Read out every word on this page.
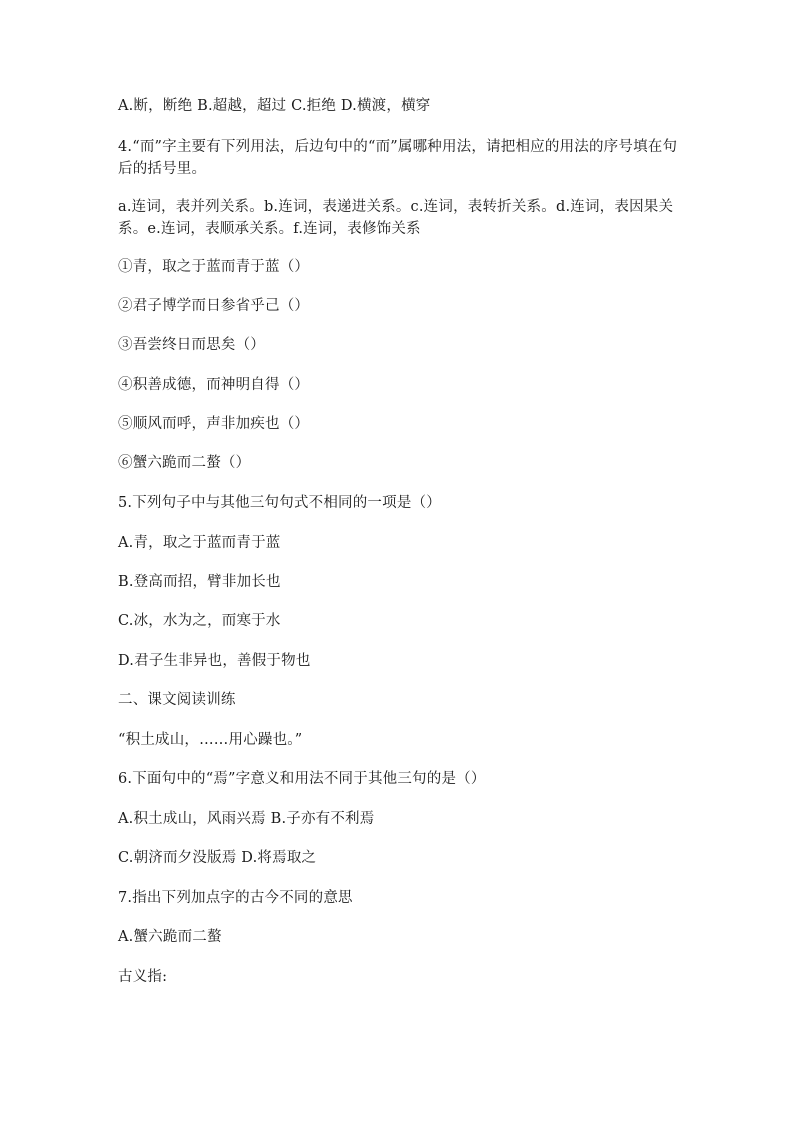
A.断，断绝 B.超越，超过 C.拒绝 D.横渡，横穿
4.“而”字主要有下列用法，后边句中的“而”属哪种用法，请把相应的用法的序号填在句后的括号里。
a.连词，表并列关系。b.连词，表递进关系。c.连词，表转折关系。d.连词，表因果关系。e.连词，表顺承关系。f.连词，表修饰关系
①青，取之于蓝而青于蓝（）
②君子博学而日参省乎己（）
③吾尝终日而思矣（）
④积善成德，而神明自得（）
⑤顺风而呼，声非加疾也（）
⑥蟹六跪而二螯（）
5.下列句子中与其他三句句式不相同的一项是（）
A.青，取之于蓝而青于蓝
B.登高而招，臂非加长也
C.冰，水为之，而寒于水
D.君子生非异也，善假于物也
二、课文阅读训练
“积土成山，……用心躁也。”
6.下面句中的“焉”字意义和用法不同于其他三句的是（）
A.积土成山，风雨兴焉 B.子亦有不利焉
C.朝济而夕没版焉 D.将焉取之
7.指出下列加点字的古今不同的意思
A.蟹六跪而二螯
古义指:
